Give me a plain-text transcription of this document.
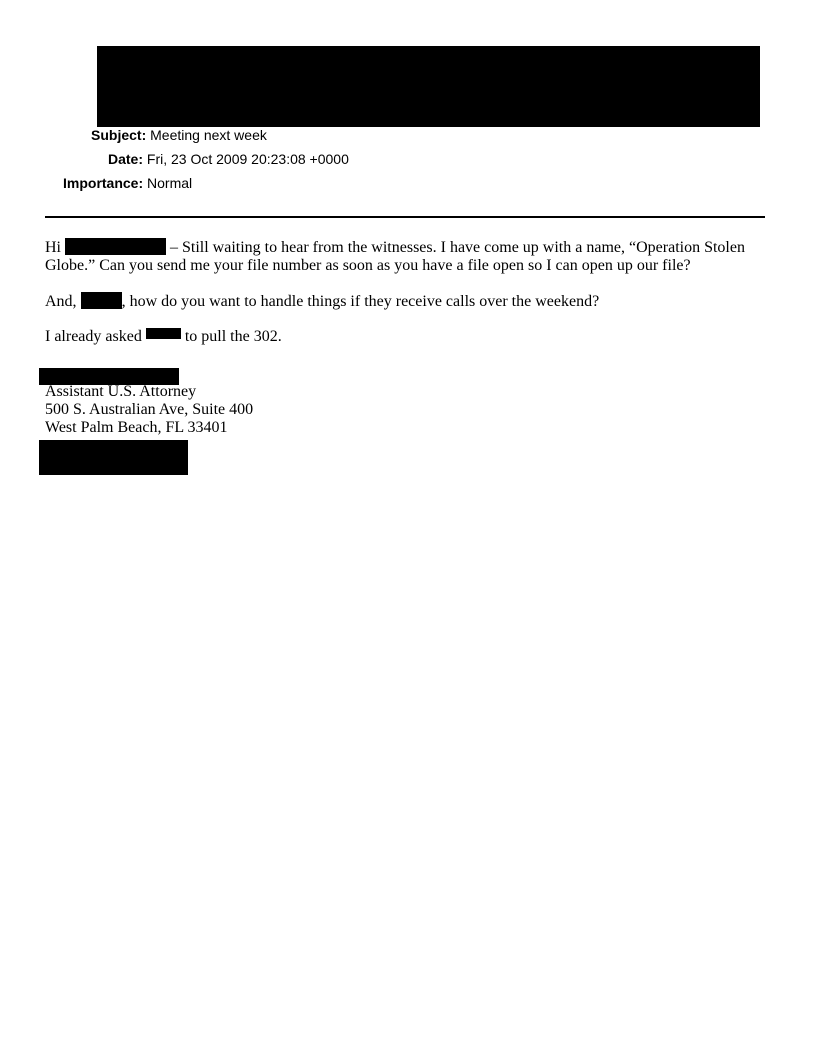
Subject: Meeting next week
Date: Fri, 23 Oct 2009 20:23:08 +0000
Importance: Normal

Hi	– Still waiting to hear from the witnesses. I have come up with a name, “Operation Stolen Globe.” Can you send me your file number as soon as you have a file open so I can open up our file?

And,	, how do you want to handle things if they receive calls over the weekend?

I already asked	to pull the 302.

Assistant U.S. Attorney
500 S. Australian Ave, Suite 400
West Palm Beach, FL 33401
